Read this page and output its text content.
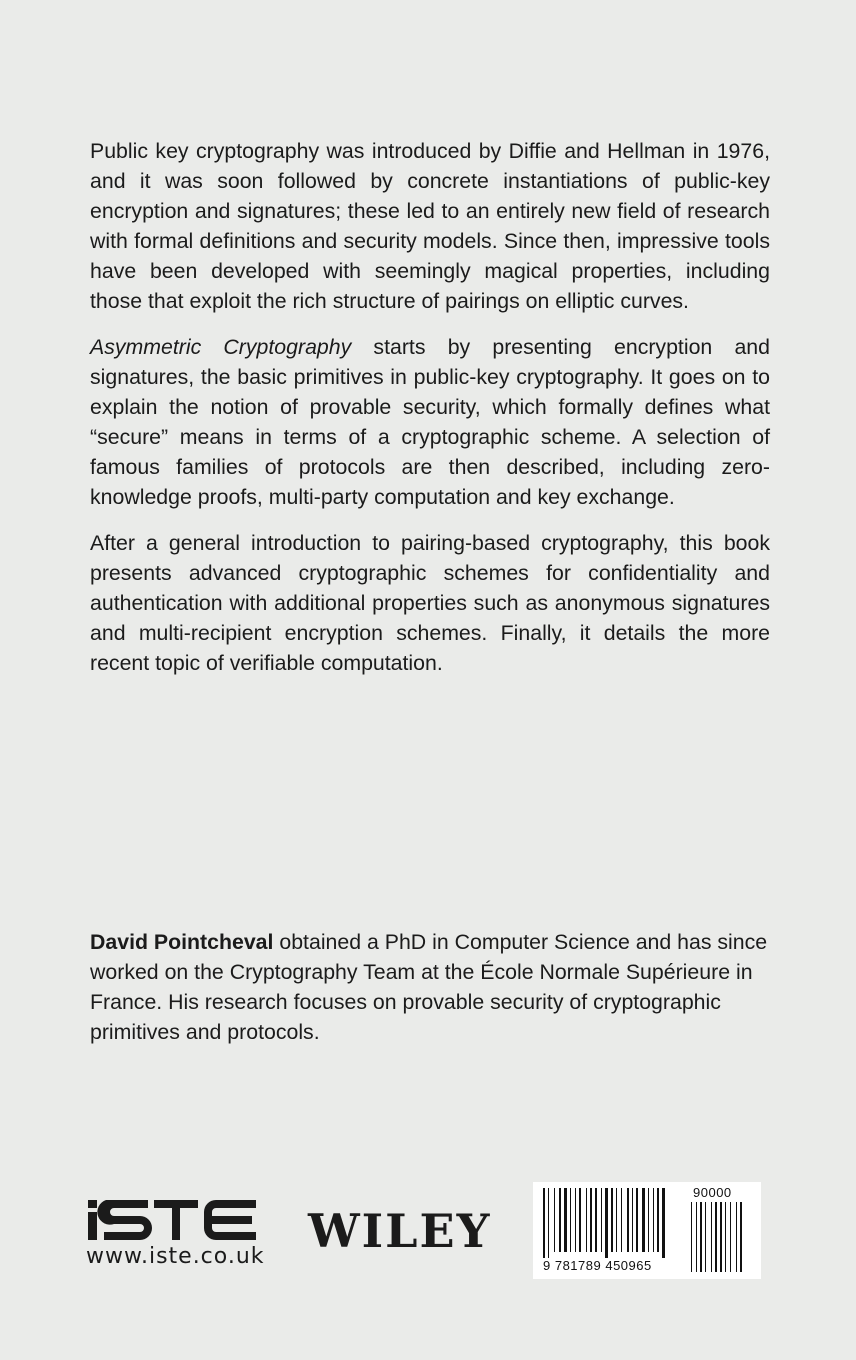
Public key cryptography was introduced by Diffie and Hellman in 1976, and it was soon followed by concrete instantiations of public-key encryption and signatures; these led to an entirely new field of research with formal definitions and security models. Since then, impressive tools have been developed with seemingly magical properties, including those that exploit the rich structure of pairings on elliptic curves.

Asymmetric Cryptography starts by presenting encryption and signatures, the basic primitives in public-key cryptography. It goes on to explain the notion of provable security, which formally defines what “secure” means in terms of a cryptographic scheme. A selection of famous families of protocols are then described, including zero-knowledge proofs, multi-party computation and key exchange.

After a general introduction to pairing-based cryptography, this book presents advanced cryptographic schemes for confidentiality and authentication with additional properties such as anonymous signatures and multi-recipient encryption schemes. Finally, it details the more recent topic of verifiable computation.

David Pointcheval obtained a PhD in Computer Science and has since worked on the Cryptography Team at the École Normale Supérieure in France. His research focuses on provable security of cryptographic primitives and protocols.

www.iste.co.uk WILEY
90000
9 781789 450965
